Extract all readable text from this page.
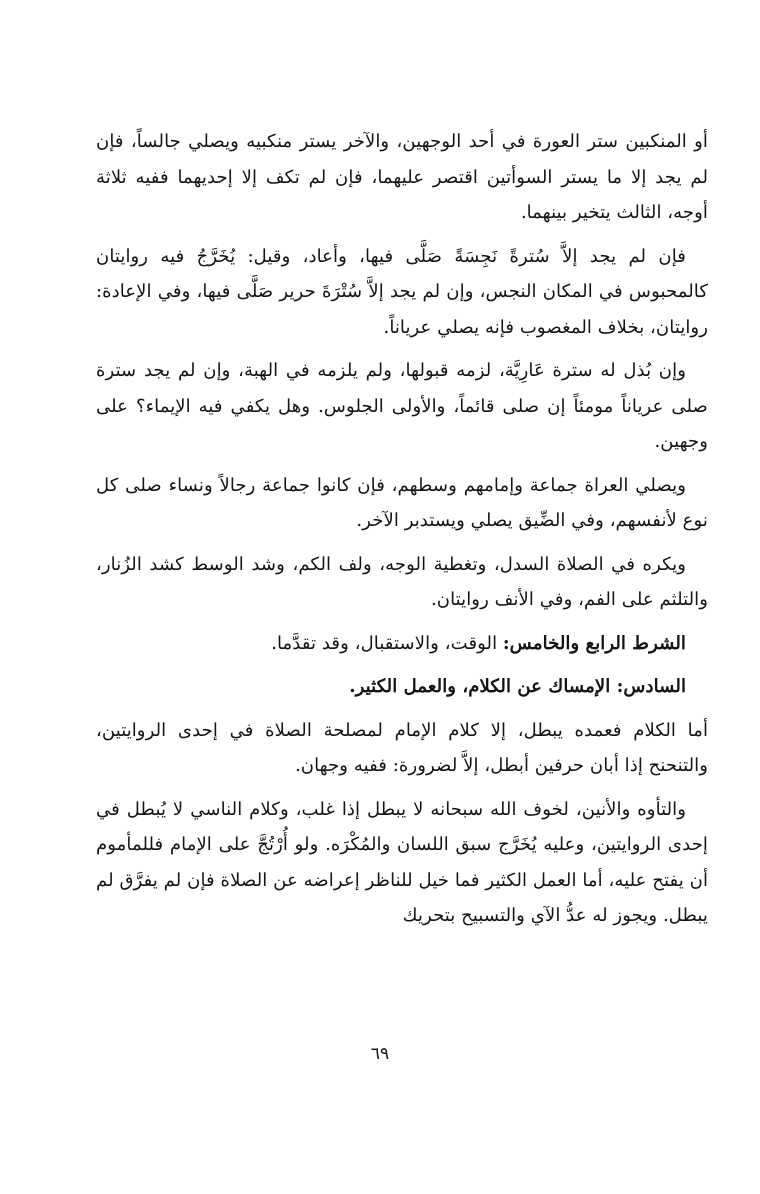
أو المنكبين ستر العورة في أحد الوجهين، والآخر يستر منكبيه ويصلي جالساً، فإن لم يجد إلا ما يستر السوأتين اقتصر عليهما، فإن لم تكف إلا إحديهما ففيه ثلاثة أوجه، الثالث يتخير بينهما.

فإن لم يجد إلاَّ سُترةً نَجِسَةً صَلَّى فيها، وأعاد، وقيل: يُخَرَّجُ فيه روايتان كالمحبوس في المكان النجس، وإن لم يجد إلاَّ سُتْرَةَ حرير صَلَّى فيها، وفي الإعادة: روايتان، بخلاف المغصوب فإنه يصلي عرياناً.

وإن بُذل له سترة عَارِيَّة، لزمه قبولها، ولم يلزمه في الهبة، وإن لم يجد سترة صلى عرياناً مومئاً إن صلى قائماً، والأولى الجلوس. وهل يكفي فيه الإيماء؟ على وجهين.

ويصلي العراة جماعة وإمامهم وسطهم، فإن كانوا جماعة رجالاً ونساء صلى كل نوع لأنفسهم، وفي الضِّيق يصلي ويستدبر الآخر.

ويكره في الصلاة السدل، وتغطية الوجه، ولف الكم، وشد الوسط كشد الزُنار، والتلثم على الفم، وفي الأنف روايتان.

الشرط الرابع والخامس: الوقت، والاستقبال، وقد تقدَّما.

السادس: الإمساك عن الكلام، والعمل الكثير.

أما الكلام فعمده يبطل، إلا كلام الإمام لمصلحة الصلاة في إحدى الروايتين، والتنحنح إذا أبان حرفين أبطل، إلاَّ لضرورة: ففيه وجهان.

والتأوه والأنين، لخوف الله سبحانه لا يبطل إذا غلب، وكلام الناسي لا يُبطل في إحدى الروايتين، وعليه يُخَرَّج سبق اللسان والمُكْرَه. ولو أُرْتُجَّ على الإمام فللمأموم أن يفتح عليه، أما العمل الكثير فما خيل للناظر إعراضه عن الصلاة فإن لم يفرَّق لم يبطل. ويجوز له عدُّ الآي والتسبيح بتحريك

٦٩
